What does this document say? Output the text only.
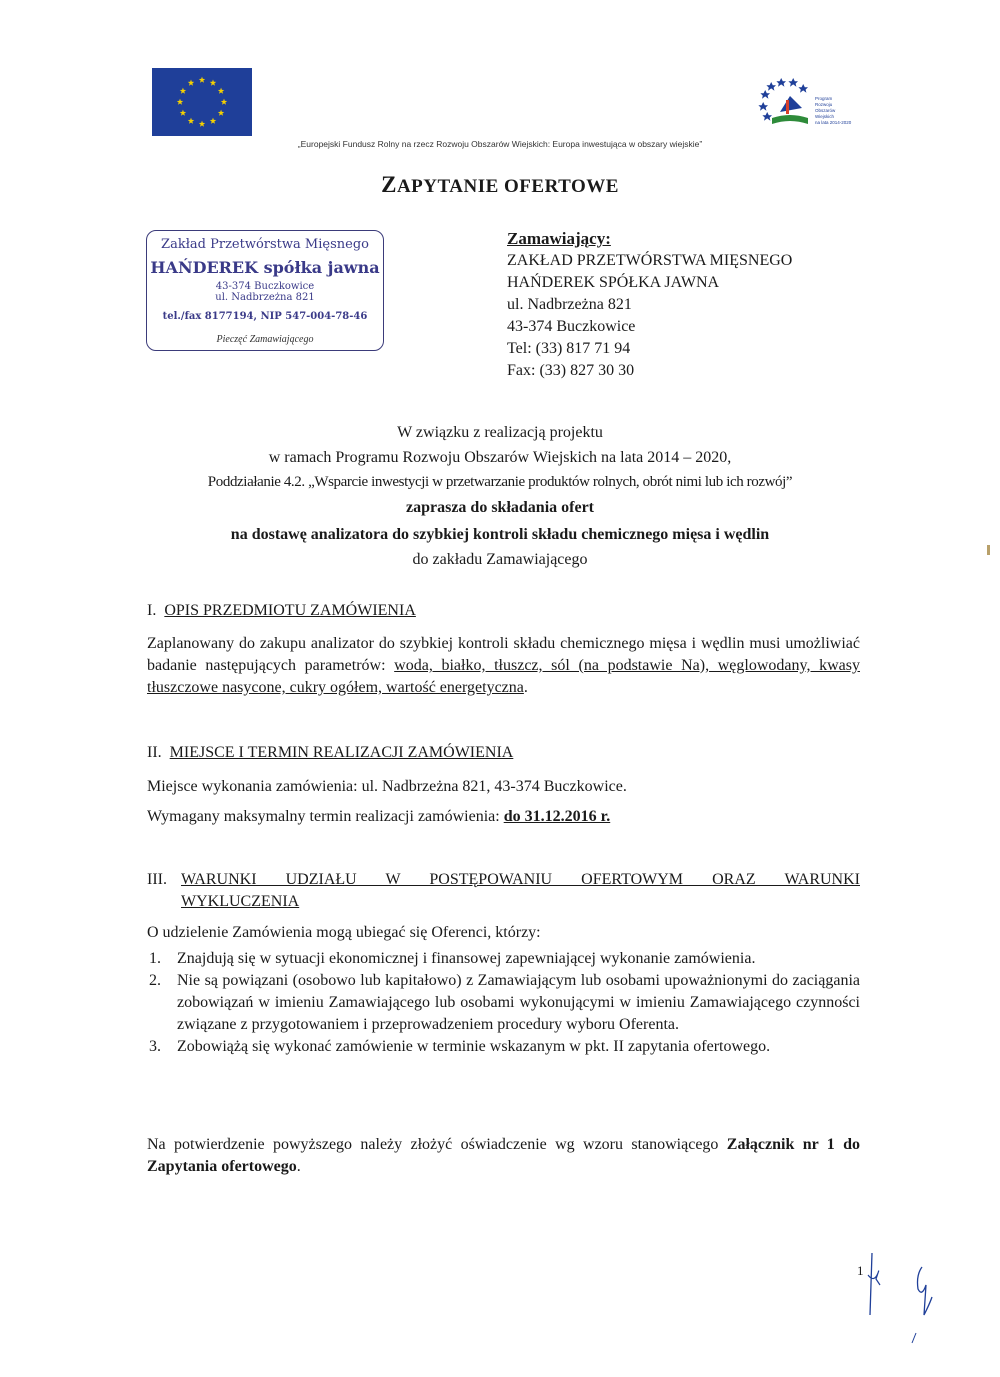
Program
Rozwoju
Obszarów
Wiejskich
na lata 2014-2020
„Europejski Fundusz Rolny na rzecz Rozwoju Obszarów Wiejskich: Europa inwestująca w obszary wiejskie”
ZAPYTANIE OFERTOWE
Zakład Przetwórstwa Mięsnego
HAŃDEREK spółka jawna
43-374 Buczkowice
ul. Nadbrzeżna 821
tel./fax 8177194, NIP 547-004-78-46
Pieczęć Zamawiającego
Zamawiający:
ZAKŁAD PRZETWÓRSTWA MIĘSNEGO
HAŃDEREK SPÓŁKA JAWNA
ul. Nadbrzeżna 821
43-374 Buczkowice
Tel: (33) 817 71 94
Fax: (33) 827 30 30
W związku z realizacją projektu
w ramach Programu Rozwoju Obszarów Wiejskich na lata 2014 – 2020,
Poddziałanie 4.2. „Wsparcie inwestycji w przetwarzanie produktów rolnych, obrót nimi lub ich rozwój”
zaprasza do składania ofert
na dostawę analizatora do szybkiej kontroli składu chemicznego mięsa i wędlin
do zakładu Zamawiającego
I. OPIS PRZEDMIOTU ZAMÓWIENIA
Zaplanowany do zakupu analizator do szybkiej kontroli składu chemicznego mięsa i wędlin musi umożliwiać badanie następujących parametrów: woda, białko, tłuszcz, sól (na podstawie Na), węglowodany, kwasy tłuszczowe nasycone, cukry ogółem, wartość energetyczna.
II. MIEJSCE I TERMIN REALIZACJI ZAMÓWIENIA
Miejsce wykonania zamówienia: ul. Nadbrzeżna 821, 43-374 Buczkowice.
Wymagany maksymalny termin realizacji zamówienia: do 31.12.2016 r.
III. WARUNKI UDZIAŁU W POSTĘPOWANIU OFERTOWYM ORAZ WARUNKI
WYKLUCZENIA
O udzielenie Zamówienia mogą ubiegać się Oferenci, którzy:
1. Znajdują się w sytuacji ekonomicznej i finansowej zapewniającej wykonanie zamówienia.
2. Nie są powiązani (osobowo lub kapitałowo) z Zamawiającym lub osobami upoważnionymi do zaciągania zobowiązań w imieniu Zamawiającego lub osobami wykonującymi w imieniu Zamawiającego czynności związane z przygotowaniem i przeprowadzeniem procedury wyboru Oferenta.
3. Zobowiążą się wykonać zamówienie w terminie wskazanym w pkt. II zapytania ofertowego.
Na potwierdzenie powyższego należy złożyć oświadczenie wg wzoru stanowiącego Załącznik nr 1 do Zapytania ofertowego.
1
